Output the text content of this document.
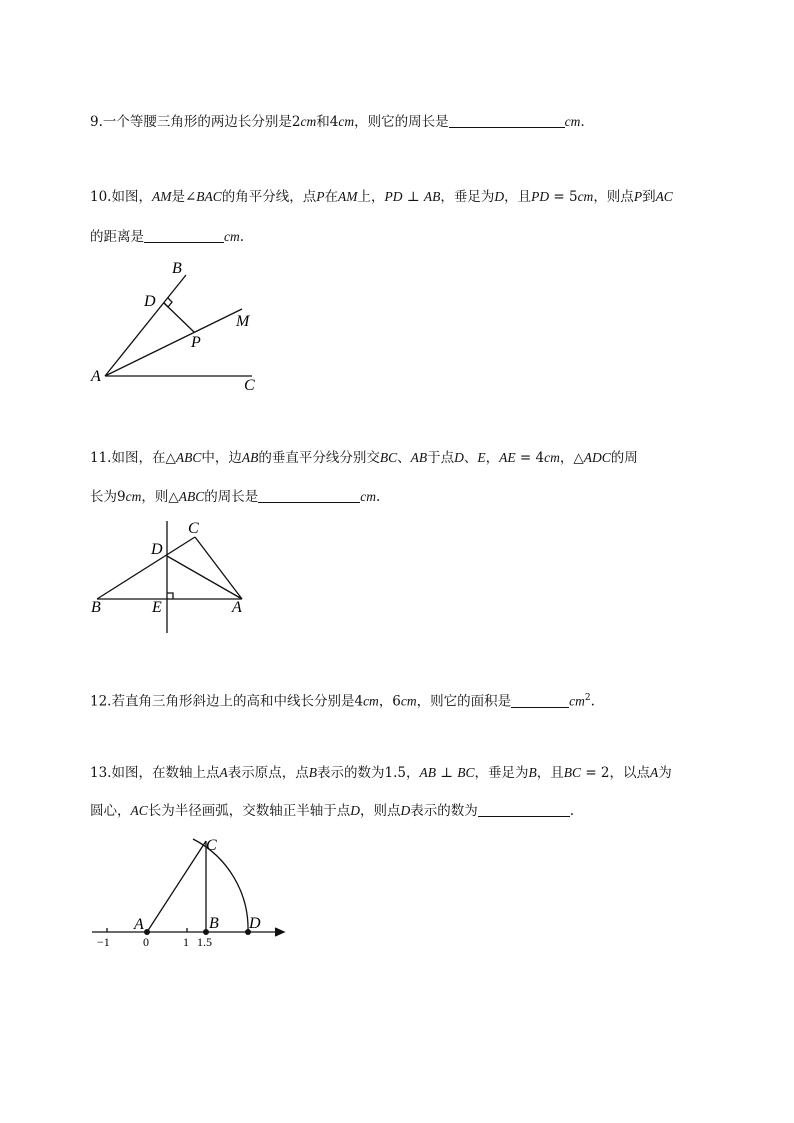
9.一个等腰三角形的两边长分别是2cm和4cm，则它的周长是	cm.
10.如图，AM是∠BAC的角平分线，点P在AM上，PD ⊥ AB，垂足为D，且PD = 5cm，则点P到AC
的距离是	cm.
B
D
M
P
A
C
11.如图，在△ABC中，边AB的垂直平分线分别交BC、AB于点D、E，AE = 4cm，△ADC的周
长为9cm，则△ABC的周长是	cm.
C
D
B	E	A
12.若直角三角形斜边上的高和中线长分别是4cm，6cm，则它的面积是	$cm^2$.
13.如图，在数轴上点A表示原点，点B表示的数为1.5，AB ⊥ BC，垂足为B，且BC = 2，以点A为
圆心，AC长为半径画弧，交数轴正半轴于点D，则点D表示的数为	.
C
A	B D
−1	0	1 1.5
